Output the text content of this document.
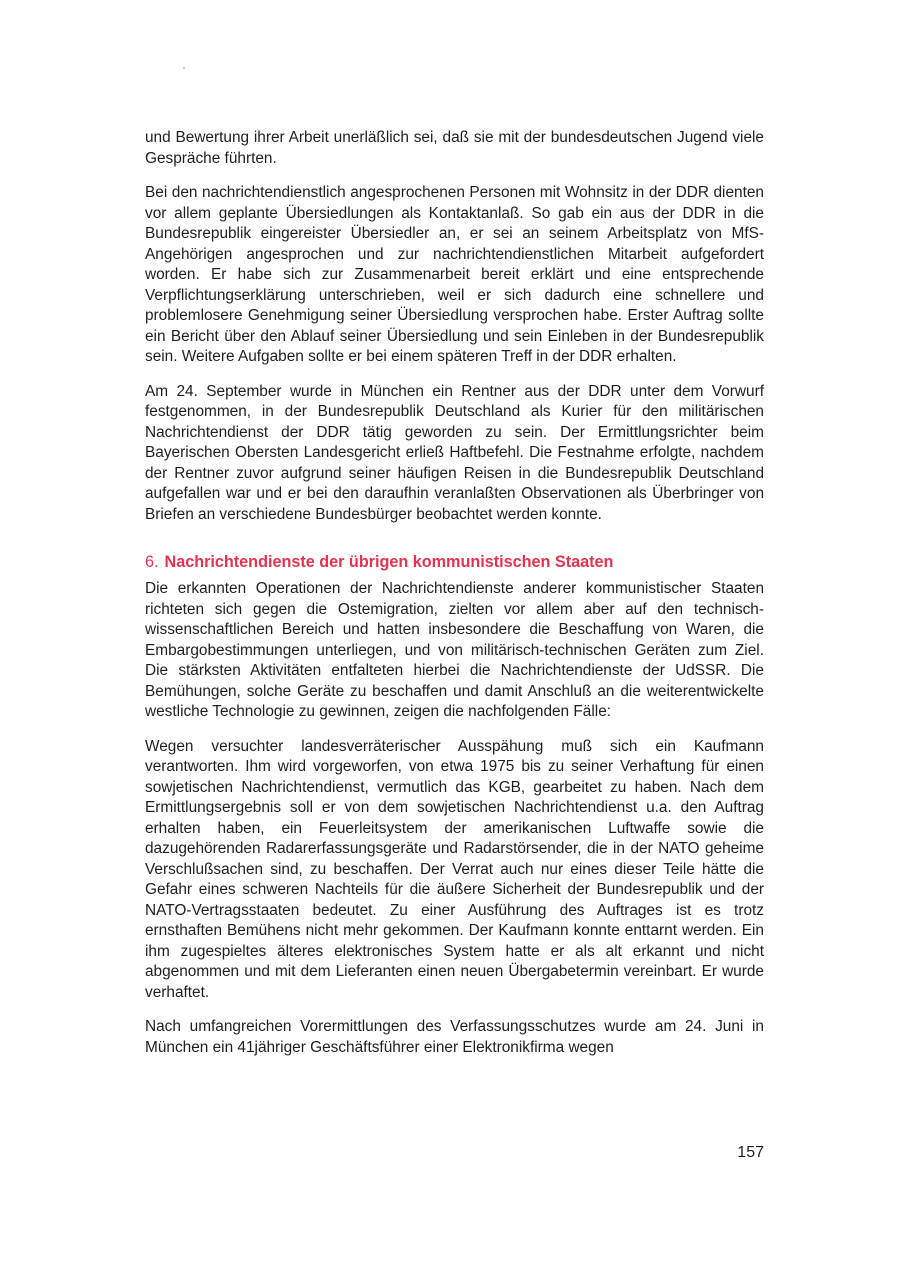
und Bewertung ihrer Arbeit unerläßlich sei, daß sie mit der bundesdeutschen Jugend viele Gespräche führten.

Bei den nachrichtendienstlich angesprochenen Personen mit Wohnsitz in der DDR dienten vor allem geplante Übersiedlungen als Kontaktanlaß. So gab ein aus der DDR in die Bundesrepublik eingereister Übersiedler an, er sei an seinem Arbeitsplatz von MfS-Angehörigen angesprochen und zur nachrichtendienstlichen Mitarbeit aufgefordert worden. Er habe sich zur Zusammenarbeit bereit erklärt und eine entsprechende Verpflichtungserklärung unterschrieben, weil er sich dadurch eine schnellere und problemlosere Genehmigung seiner Übersiedlung versprochen habe. Erster Auftrag sollte ein Bericht über den Ablauf seiner Übersiedlung und sein Einleben in der Bundesrepublik sein. Weitere Aufgaben sollte er bei einem späteren Treff in der DDR erhalten.

Am 24. September wurde in München ein Rentner aus der DDR unter dem Vorwurf festgenommen, in der Bundesrepublik Deutschland als Kurier für den militärischen Nachrichtendienst der DDR tätig geworden zu sein. Der Ermittlungsrichter beim Bayerischen Obersten Landesgericht erließ Haftbefehl. Die Festnahme erfolgte, nachdem der Rentner zuvor aufgrund seiner häufigen Reisen in die Bundesrepublik Deutschland aufgefallen war und er bei den daraufhin veranlaßten Observationen als Überbringer von Briefen an verschiedene Bundesbürger beobachtet werden konnte.

6. Nachrichtendienste der übrigen kommunistischen Staaten

Die erkannten Operationen der Nachrichtendienste anderer kommunistischer Staaten richteten sich gegen die Ostemigration, zielten vor allem aber auf den technisch-wissenschaftlichen Bereich und hatten insbesondere die Beschaffung von Waren, die Embargobestimmungen unterliegen, und von militärisch-technischen Geräten zum Ziel. Die stärksten Aktivitäten entfalteten hierbei die Nachrichtendienste der UdSSR. Die Bemühungen, solche Geräte zu beschaffen und damit Anschluß an die weiterentwickelte westliche Technologie zu gewinnen, zeigen die nachfolgenden Fälle:

Wegen versuchter landesverräterischer Ausspähung muß sich ein Kaufmann verantworten. Ihm wird vorgeworfen, von etwa 1975 bis zu seiner Verhaftung für einen sowjetischen Nachrichtendienst, vermutlich das KGB, gearbeitet zu haben. Nach dem Ermittlungsergebnis soll er von dem sowjetischen Nachrichtendienst u.a. den Auftrag erhalten haben, ein Feuerleitsystem der amerikanischen Luftwaffe sowie die dazugehörenden Radarerfassungsgeräte und Radarstörsender, die in der NATO geheime Verschlußsachen sind, zu beschaffen. Der Verrat auch nur eines dieser Teile hätte die Gefahr eines schweren Nachteils für die äußere Sicherheit der Bundesrepublik und der NATO-Vertragsstaaten bedeutet. Zu einer Ausführung des Auftrages ist es trotz ernsthaften Bemühens nicht mehr gekommen. Der Kaufmann konnte enttarnt werden. Ein ihm zugespieltes älteres elektronisches System hatte er als alt erkannt und nicht abgenommen und mit dem Lieferanten einen neuen Übergabetermin vereinbart. Er wurde verhaftet.

Nach umfangreichen Vorermittlungen des Verfassungsschutzes wurde am 24. Juni in München ein 41jähriger Geschäftsführer einer Elektronikfirma wegen

157
